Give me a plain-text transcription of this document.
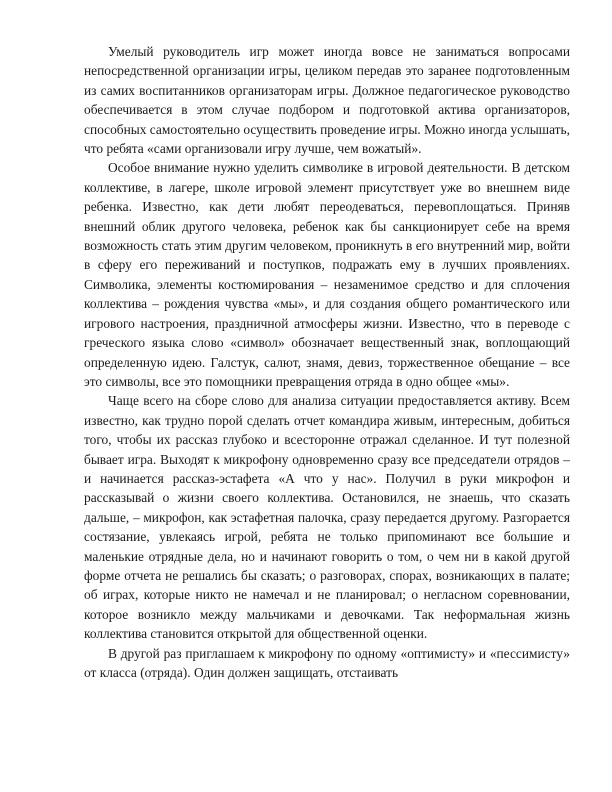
Умелый руководитель игр может иногда вовсе не заниматься вопросами непосредственной организации игры, целиком передав это заранее подготовленным из самих воспитанников организаторам игры. Должное педагогическое руководство обеспечивается в этом случае подбором и подготовкой актива организаторов, способных самостоятельно осуществить проведение игры. Можно иногда услышать, что ребята «сами организовали игру лучше, чем вожатый».

Особое внимание нужно уделить символике в игровой деятельности. В детском коллективе, в лагере, школе игровой элемент присутствует уже во внешнем виде ребенка. Известно, как дети любят переодеваться, перевоплощаться. Приняв внешний облик другого человека, ребенок как бы санкционирует себе на время возможность стать этим другим человеком, проникнуть в его внутренний мир, войти в сферу его переживаний и поступков, подражать ему в лучших проявлениях. Символика, элементы костюмирования – незаменимое средство и для сплочения коллектива – рождения чувства «мы», и для создания общего романтического или игрового настроения, праздничной атмосферы жизни. Известно, что в переводе с греческого языка слово «символ» обозначает вещественный знак, воплощающий определенную идею. Галстук, салют, знамя, девиз, торжественное обещание – все это символы, все это помощники превращения отряда в одно общее «мы».

Чаще всего на сборе слово для анализа ситуации предоставляется активу. Всем известно, как трудно порой сделать отчет командира живым, интересным, добиться того, чтобы их рассказ глубоко и всесторонне отражал сделанное. И тут полезной бывает игра. Выходят к микрофону одновременно сразу все председатели отрядов – и начинается рассказ-эстафета «А что у нас». Получил в руки микрофон и рассказывай о жизни своего коллектива. Остановился, не знаешь, что сказать дальше, – микрофон, как эстафетная палочка, сразу передается другому. Разгорается состязание, увлекаясь игрой, ребята не только припоминают все большие и маленькие отрядные дела, но и начинают говорить о том, о чем ни в какой другой форме отчета не решались бы сказать; о разговорах, спорах, возникающих в палате; об играх, которые никто не намечал и не планировал; о негласном соревновании, которое возникло между мальчиками и девочками. Так неформальная жизнь коллектива становится открытой для общественной оценки.

В другой раз приглашаем к микрофону по одному «оптимисту» и «пессимисту» от класса (отряда). Один должен защищать, отстаивать
